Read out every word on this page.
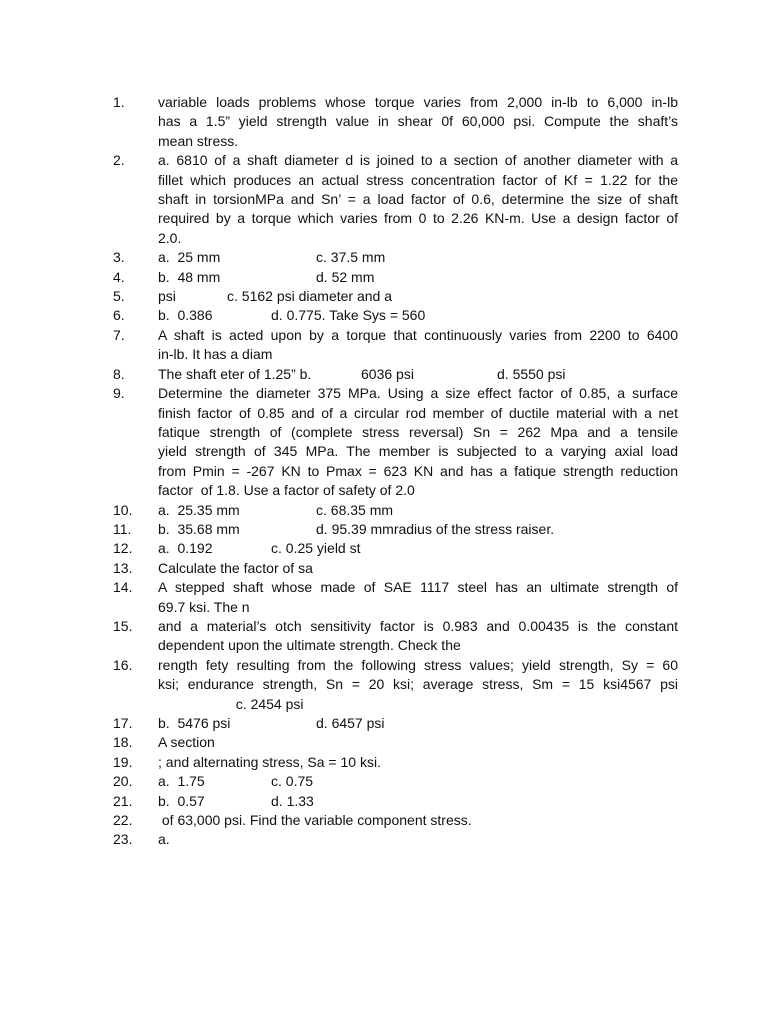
1. variable loads problems whose torque varies from 2,000 in-lb to 6,000 in-lb
has a 1.5” yield strength value in shear 0f 60,000 psi. Compute the shaft’s
mean stress.
2. a. 6810 of a shaft diameter d is joined to a section of another diameter with a
fillet which produces an actual stress concentration factor of Kf = 1.22 for the
shaft in torsionMPa and Sn’ = a load factor of 0.6, determine the size of shaft
required by a torque which varies from 0 to 2.26 KN-m. Use a design factor of
2.0.
3. a.  25 mm	c. 37.5 mm
4. b.  48 mm	d. 52 mm
5. psi	c. 5162 psi diameter and a
6. b.  0.386	d. 0.775. Take Sys = 560
7. A shaft is acted upon by a torque that continuously varies from 2200 to 6400
in-lb. It has a diam
8. The shaft eter of 1.25” b.	6036 psi	d. 5550 psi
9. Determine the diameter 375 MPa. Using a size effect factor of 0.85, a surface
finish factor of 0.85 and of a circular rod member of ductile material with a net
fatique strength of (complete stress reversal) Sn = 262 Mpa and a tensile
yield strength of 345 MPa. The member is subjected to a varying axial load
from Pmin = -267 KN to Pmax = 623 KN and has a fatique strength reduction
factor  of 1.8. Use a factor of safety of 2.0
10. a.  25.35 mm	c. 68.35 mm
11. b.  35.68 mm	d. 95.39 mmradius of the stress raiser.
12. a.  0.192	c. 0.25 yield st
13. Calculate the factor of sa
14. A stepped shaft whose made of SAE 1117 steel has an ultimate strength of
69.7 ksi. The n
15. and a material’s otch sensitivity factor is 0.983 and 0.00435 is the constant
dependent upon the ultimate strength. Check the
16. rength fety resulting from the following stress values; yield strength, Sy = 60
ksi; endurance strength, Sn = 20 ksi; average stress, Sm = 15 ksi4567 psi
c. 2454 psi
17. b.  5476 psi	d. 6457 psi
18. A section
19. ; and alternating stress, Sa = 10 ksi.
20. a.  1.75	c. 0.75
21. b.  0.57	d. 1.33
22. of 63,000 psi. Find the variable component stress.
23. a.
